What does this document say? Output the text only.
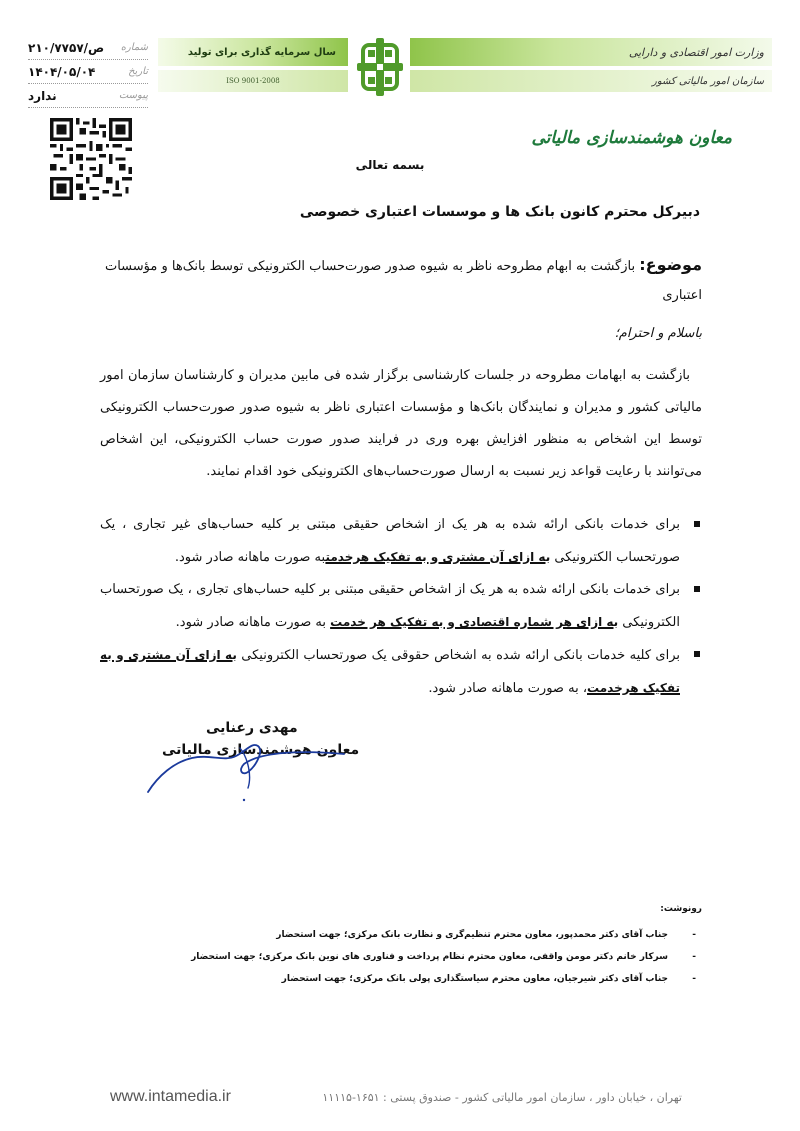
شماره
۲۱۰/۷۷۵۷/ص
تاریخ
۱۴۰۴/۰۵/۰۴
پیوست
ندارد
سال سرمایه گذاری برای تولید
ISO 9001-2008
وزارت امور اقتصادی و دارایی
سازمان امور مالیاتی کشور
معاون هوشمندسازی مالیاتی
بسمه تعالی
دبیرکل محترم کانون بانک ها و موسسات اعتباری خصوصی
موضوع: بازگشت به ابهام مطروحه ناظر به شیوه صدور صورت‌حساب الکترونیکی توسط بانک‌ها و مؤسسات اعتباری
باسلام و احترام؛

بازگشت به ابهامات مطروحه در جلسات کارشناسی برگزار شده فی مابین مدیران و کارشناسان سازمان امور مالیاتی کشور و مدیران و نمایندگان بانک‌ها و مؤسسات اعتباری ناظر به شیوه صدور صورت‌حساب الکترونیکی توسط این اشخاص به منظور افزایش بهره وری در فرایند صدور صورت حساب الکترونیکی، این اشخاص می‌توانند با رعایت قواعد زیر نسبت به ارسال صورت‌حساب‌های الکترونیکی خود اقدام نمایند.

برای خدمات بانکی ارائه شده به هر یک از اشخاص حقیقی مبتنی بر کلیه حساب‌های غیر تجاری ، یک صورتحساب الکترونیکی به ازای آن مشتری و به تفکیک هرخدمتبه صورت ماهانه صادر شود.
برای خدمات بانکی ارائه شده به هر یک از اشخاص حقیقی مبتنی بر کلیه حساب‌های تجاری ، یک صورتحساب الکترونیکی به ازای هر شماره اقتصادی و به تفکیک هر خدمت به صورت ماهانه صادر شود.
برای کلیه خدمات بانکی ارائه شده به اشخاص حقوقی یک صورتحساب الکترونیکی به ازای آن مشتری و به تفکیک هرخدمت، به صورت ماهانه صادر شود.
مهدی رعنایی
معاون هوشمندسازی مالیاتی
رونوشت:
- جناب آقای دکتر محمدپور، معاون محترم تنظیم‌گری و نظارت بانک مرکزی؛ جهت استحضار
- سرکار خانم دکتر مومن واقفی، معاون محترم نظام پرداخت و فناوری های نوین بانک مرکزی؛ جهت استحضار
- جناب آقای دکتر شیرجیان، معاون محترم سیاستگذاری پولی بانک مرکزی؛ جهت استحضار
www.intamedia.ir	تهران ، خیابان داور ، سازمان امور مالیاتی کشور - صندوق پستی : ۱۶۵۱-۱۱۱۱۵
